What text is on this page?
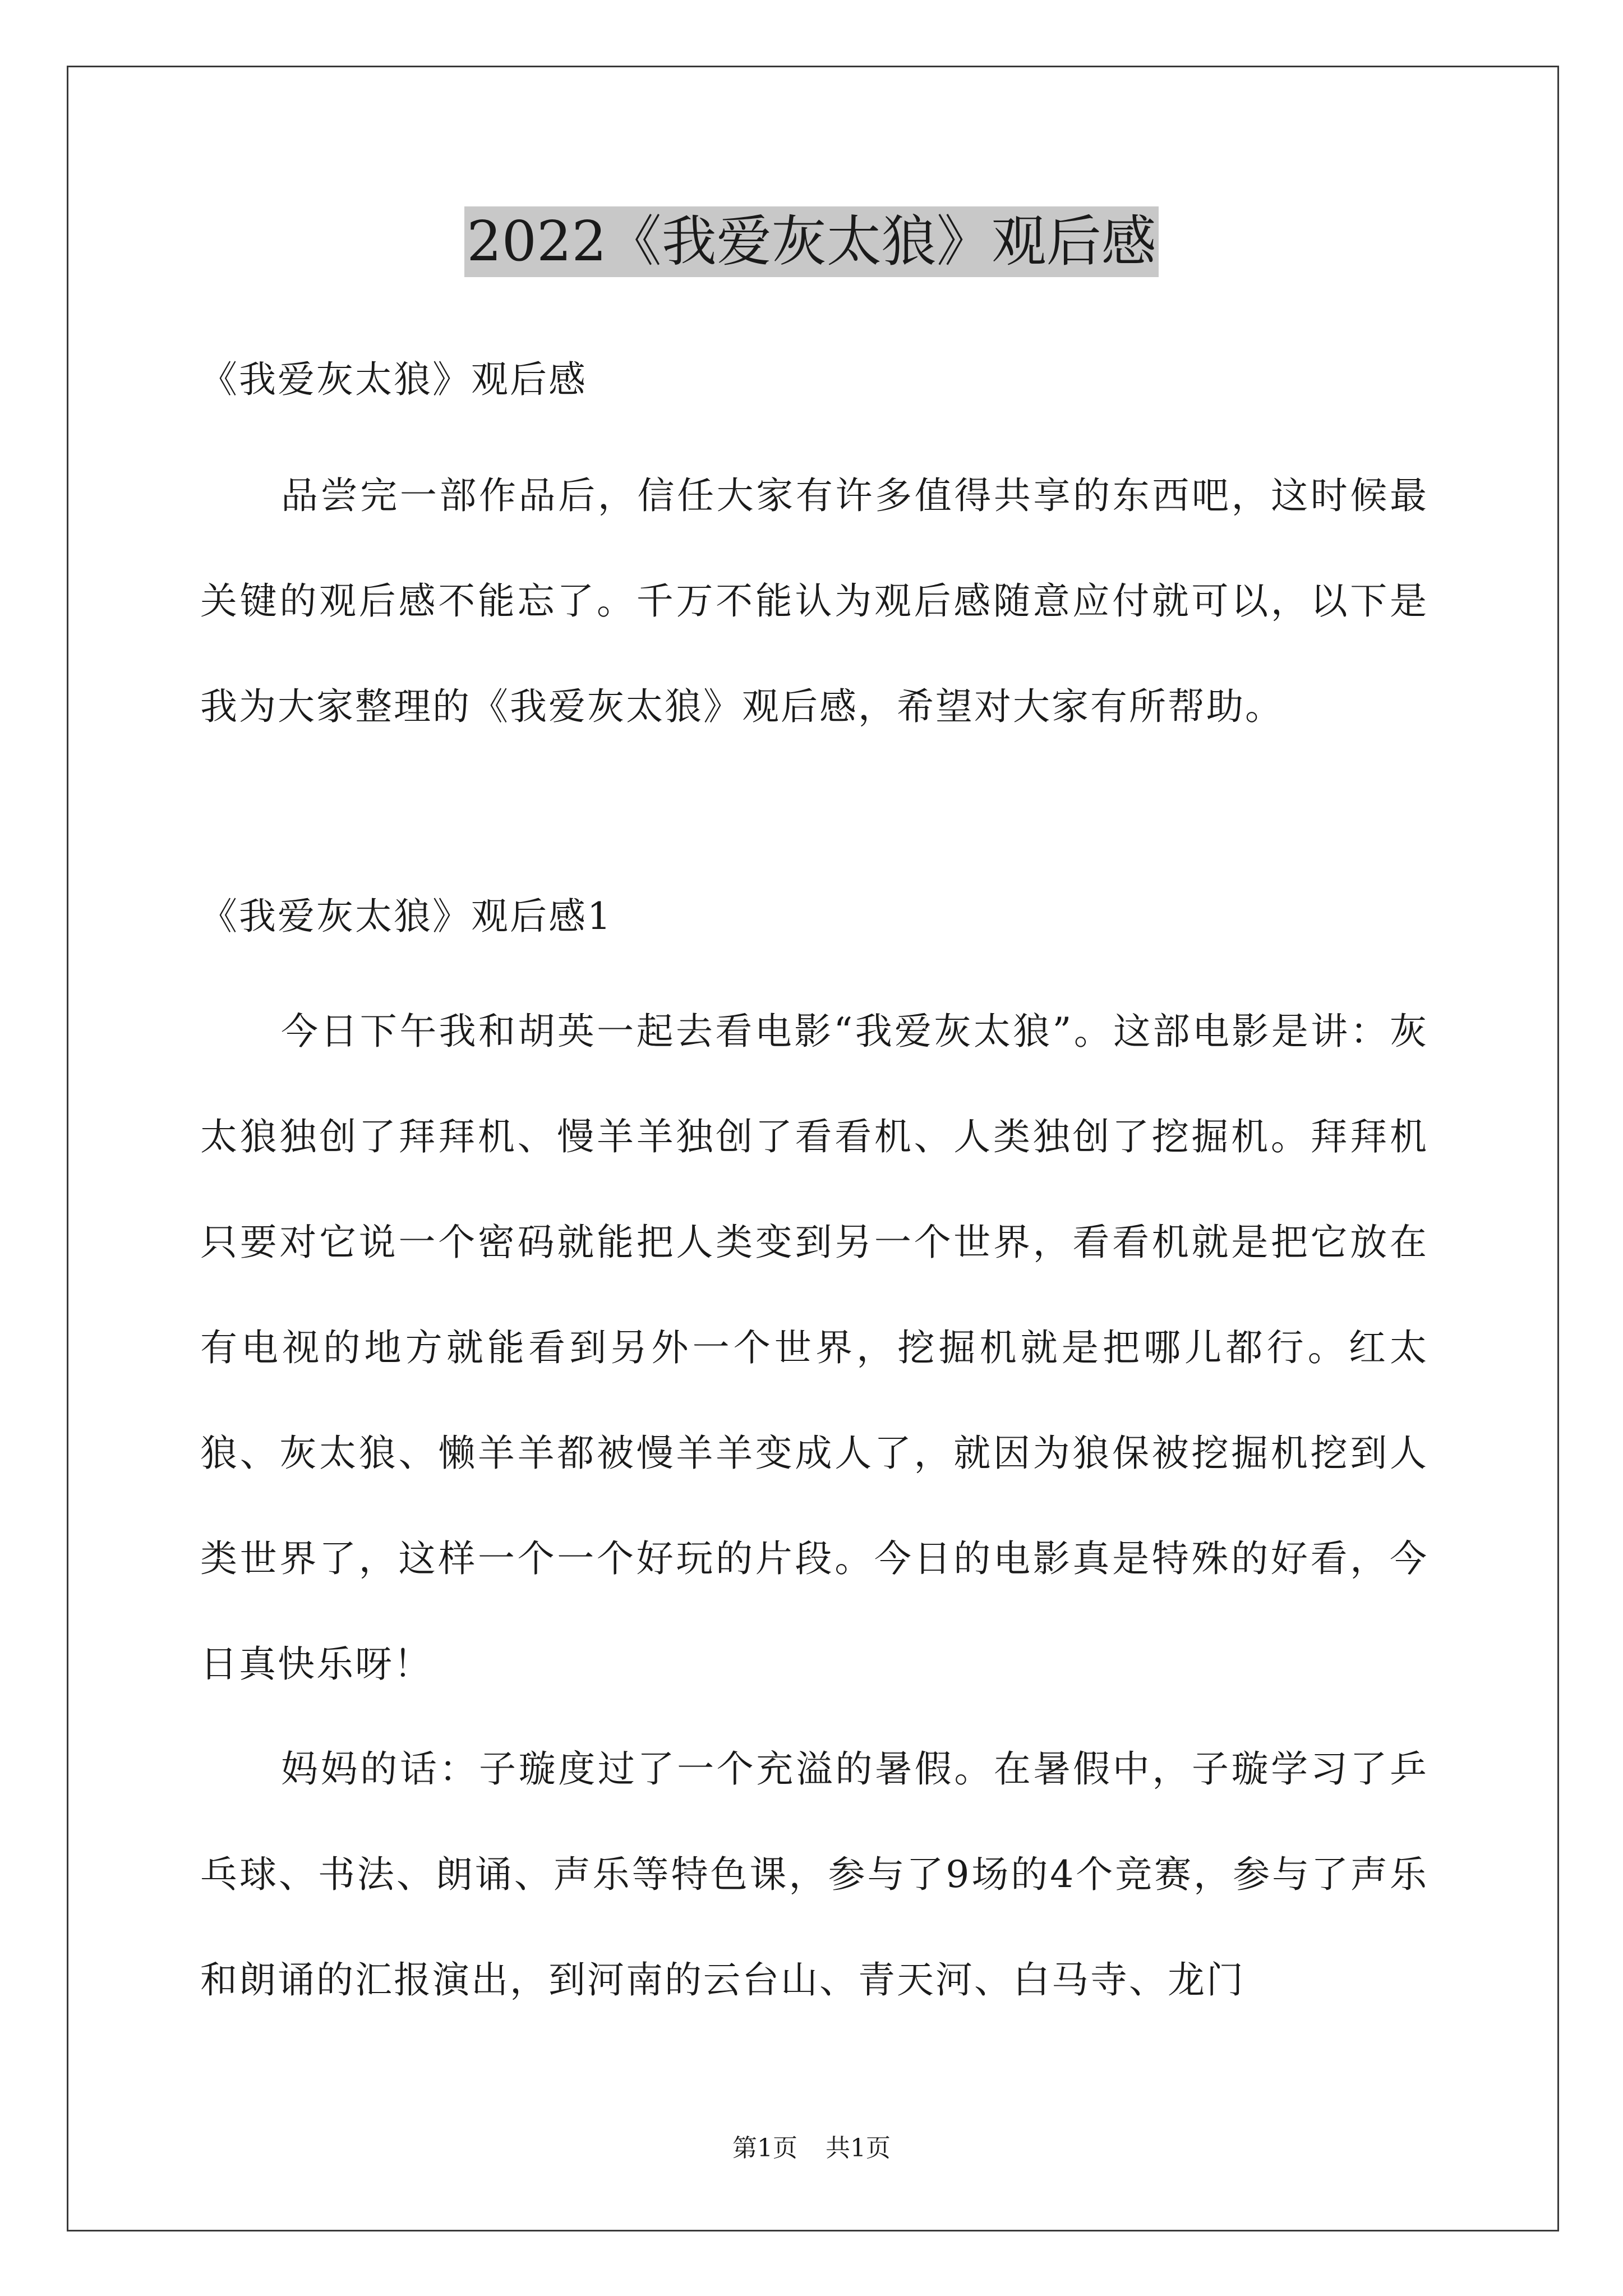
2022《我爱灰太狼》观后感
《我爱灰太狼》观后感
品尝完一部作品后，信任大家有许多值得共享的东西吧，这时候最关键的观后感不能忘了。千万不能认为观后感随意应付就可以，以下是我为大家整理的《我爱灰太狼》观后感，希望对大家有所帮助。
《我爱灰太狼》观后感1
今日下午我和胡英一起去看电影“我爱灰太狼”。这部电影是讲：灰太狼独创了拜拜机、慢羊羊独创了看看机、人类独创了挖掘机。拜拜机只要对它说一个密码就能把人类变到另一个世界，看看机就是把它放在有电视的地方就能看到另外一个世界，挖掘机就是把哪儿都行。红太狼、灰太狼、懒羊羊都被慢羊羊变成人了，就因为狼保被挖掘机挖到人类世界了，这样一个一个好玩的片段。今日的电影真是特殊的好看，今日真快乐呀！
妈妈的话：子璇度过了一个充溢的暑假。在暑假中，子璇学习了乒乓球、书法、朗诵、声乐等特色课，参与了9场的4个竞赛，参与了声乐和朗诵的汇报演出，到河南的云台山、青天河、白马寺、龙门
第1页 共1页
